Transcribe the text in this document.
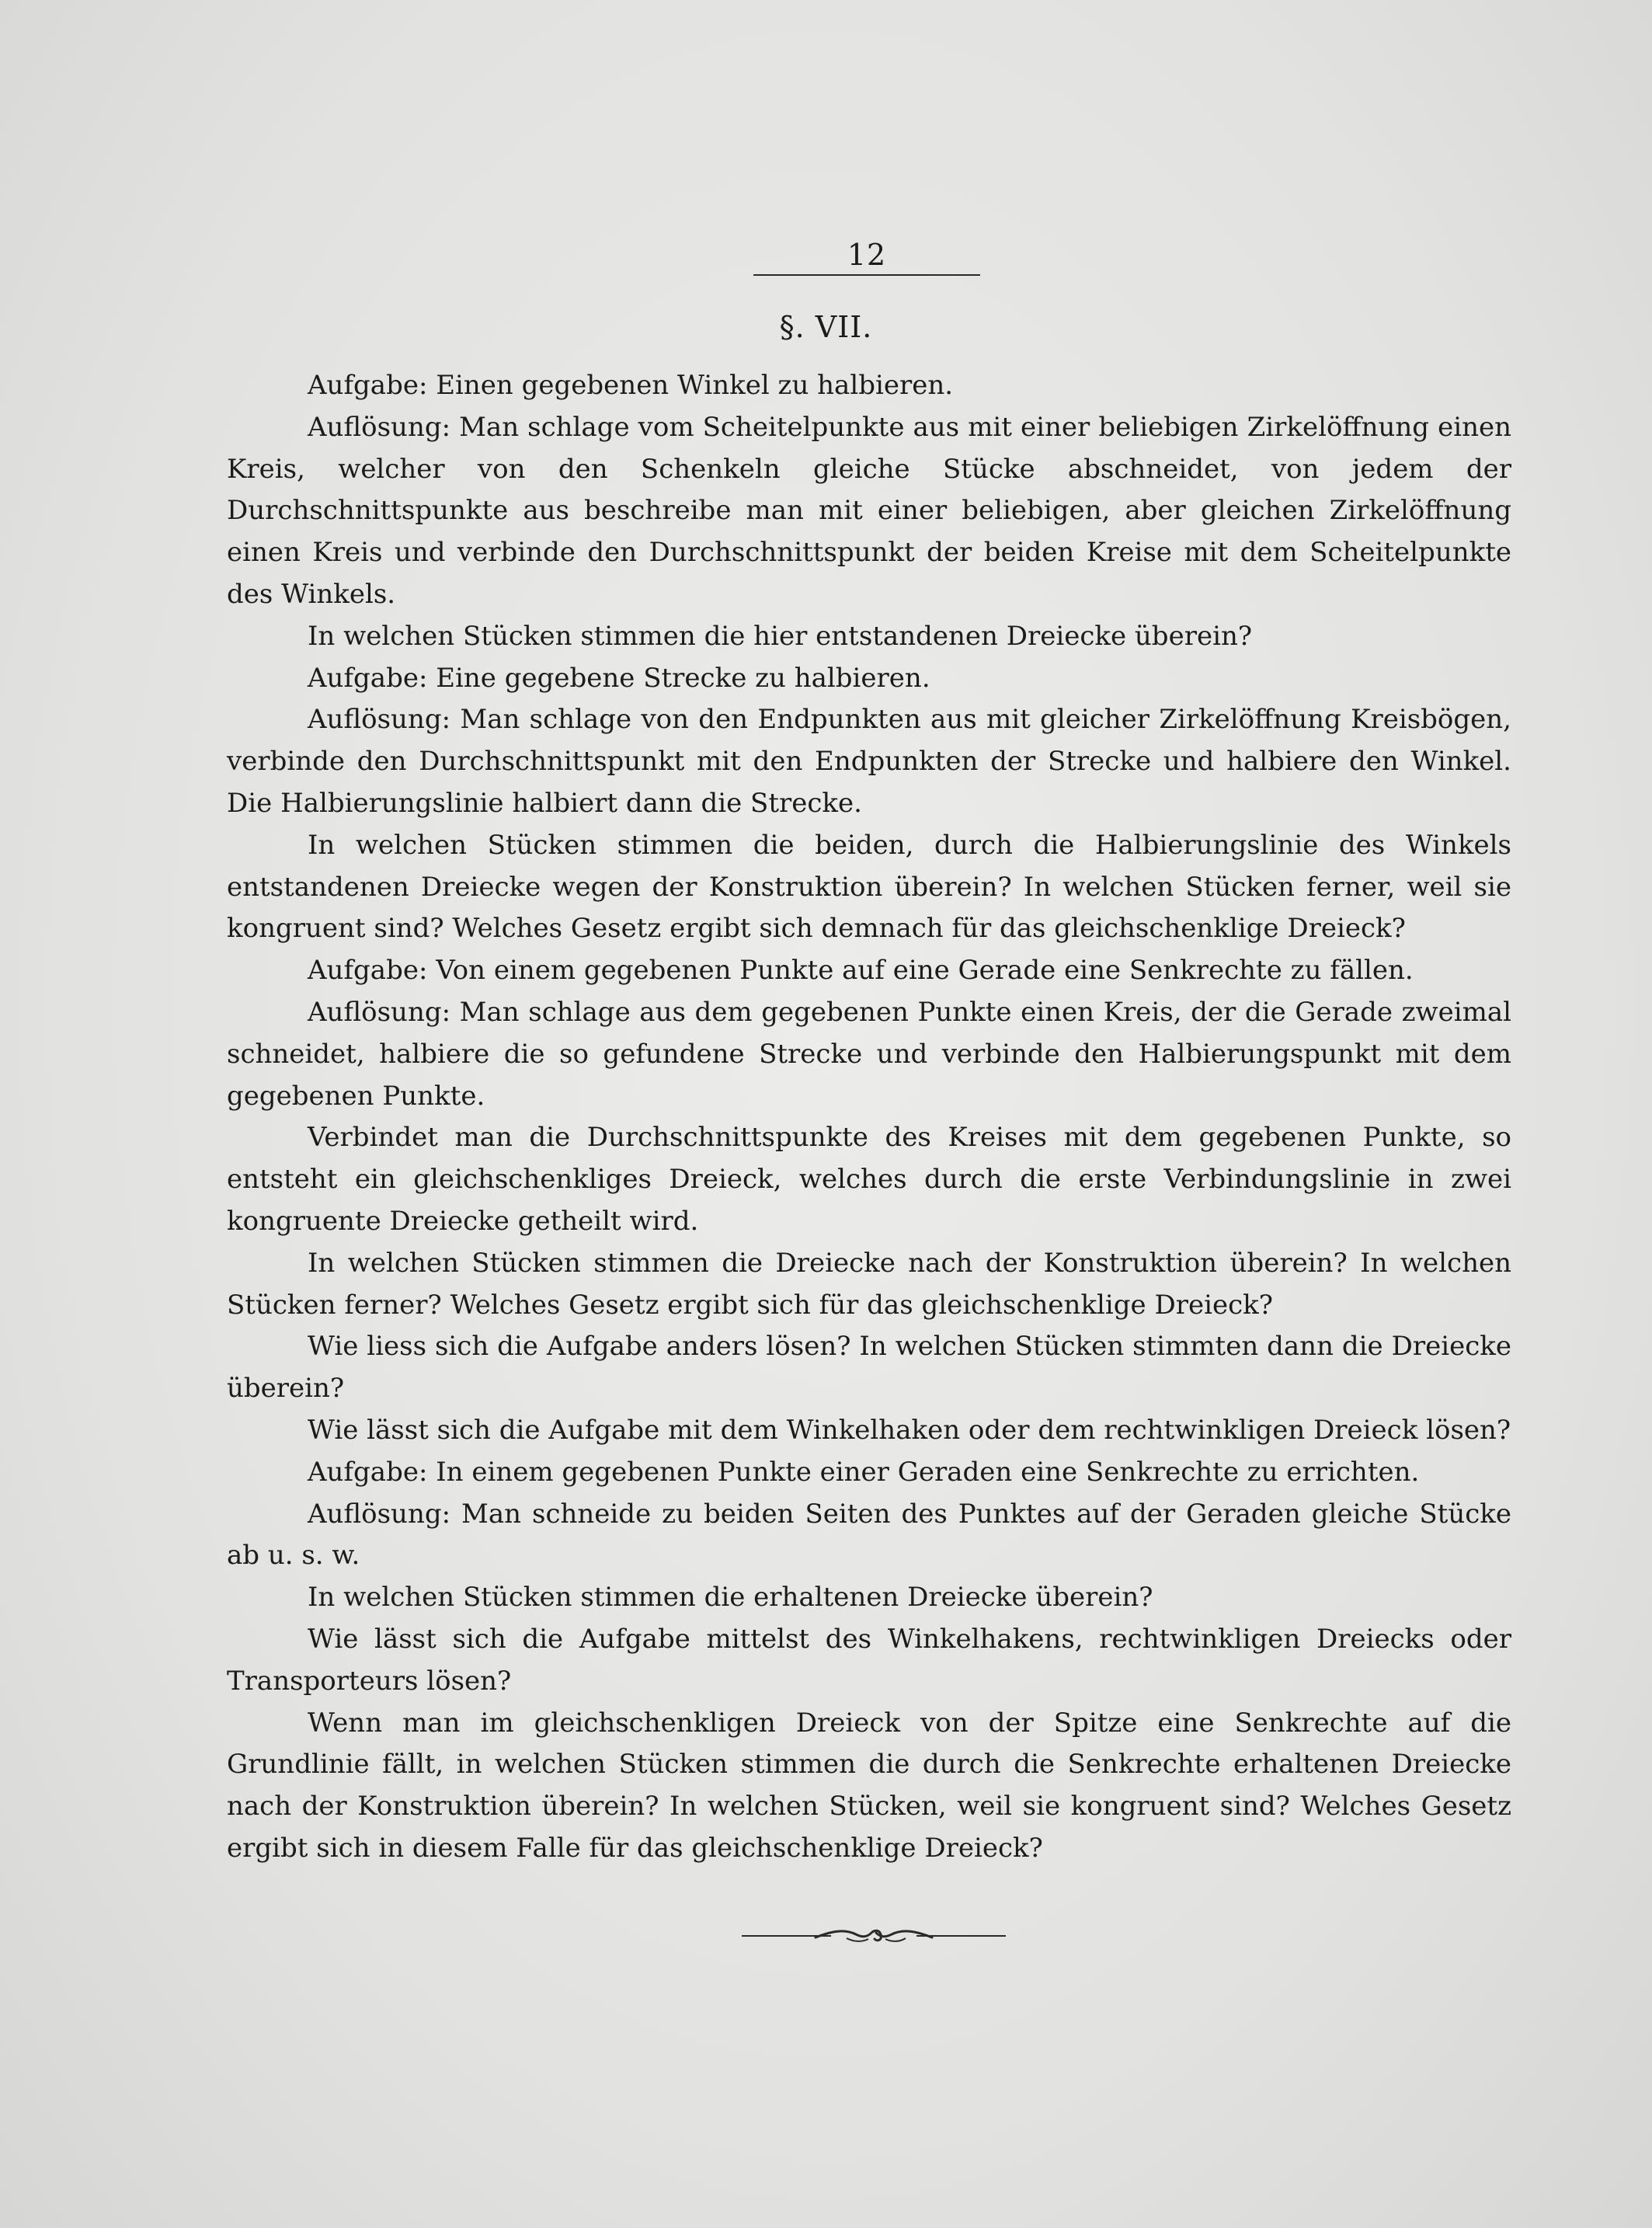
12
§. VII.

Aufgabe: Einen gegebenen Winkel zu halbieren.

Auflösung: Man schlage vom Scheitelpunkte aus mit einer beliebigen Zirkelöffnung einen Kreis, welcher von den Schenkeln gleiche Stücke abschneidet, von jedem der Durchschnittspunkte aus beschreibe man mit einer beliebigen, aber gleichen Zirkelöffnung einen Kreis und verbinde den Durchschnittspunkt der beiden Kreise mit dem Scheitelpunkte des Winkels.

In welchen Stücken stimmen die hier entstandenen Dreiecke überein?

Aufgabe: Eine gegebene Strecke zu halbieren.

Auflösung: Man schlage von den Endpunkten aus mit gleicher Zirkelöffnung Kreisbögen, verbinde den Durchschnittspunkt mit den Endpunkten der Strecke und halbiere den Winkel. Die Halbierungslinie halbiert dann die Strecke.

In welchen Stücken stimmen die beiden, durch die Halbierungslinie des Winkels entstandenen Dreiecke wegen der Konstruktion überein? In welchen Stücken ferner, weil sie kongruent sind? Welches Gesetz ergibt sich demnach für das gleichschenklige Dreieck?

Aufgabe: Von einem gegebenen Punkte auf eine Gerade eine Senkrechte zu fällen.

Auflösung: Man schlage aus dem gegebenen Punkte einen Kreis, der die Gerade zweimal schneidet, halbiere die so gefundene Strecke und verbinde den Halbierungspunkt mit dem gegebenen Punkte.

Verbindet man die Durchschnittspunkte des Kreises mit dem gegebenen Punkte, so entsteht ein gleichschenkliges Dreieck, welches durch die erste Verbindungslinie in zwei kongruente Dreiecke getheilt wird.

In welchen Stücken stimmen die Dreiecke nach der Konstruktion überein? In welchen Stücken ferner? Welches Gesetz ergibt sich für das gleichschenklige Dreieck?

Wie liess sich die Aufgabe anders lösen? In welchen Stücken stimmten dann die Dreiecke überein?

Wie lässt sich die Aufgabe mit dem Winkelhaken oder dem rechtwinkligen Dreieck lösen?

Aufgabe: In einem gegebenen Punkte einer Geraden eine Senkrechte zu errichten.

Auflösung: Man schneide zu beiden Seiten des Punktes auf der Geraden gleiche Stücke ab u. s. w.

In welchen Stücken stimmen die erhaltenen Dreiecke überein?

Wie lässt sich die Aufgabe mittelst des Winkelhakens, rechtwinkligen Dreiecks oder Transporteurs lösen?

Wenn man im gleichschenkligen Dreieck von der Spitze eine Senkrechte auf die Grundlinie fällt, in welchen Stücken stimmen die durch die Senkrechte erhaltenen Dreiecke nach der Konstruktion überein? In welchen Stücken, weil sie kongruent sind? Welches Gesetz ergibt sich in diesem Falle für das gleichschenklige Dreieck?
